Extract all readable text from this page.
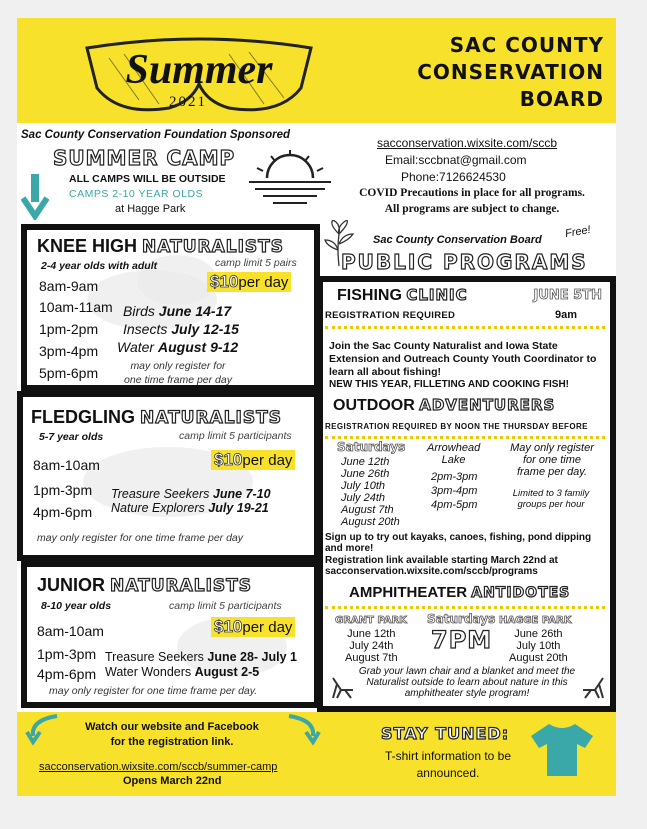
Summer
2021
SAC COUNTY
CONSERVATION
BOARD
Sac County Conservation Foundation Sponsored
SUMMER CAMP
ALL CAMPS WILL BE OUTSIDE
CAMPS 2-10 YEAR OLDS
at Hagge Park
sacconservation.wixsite.com/sccb
Email:sccbnat@gmail.com
Phone:7126624530
COVID Precautions in place for all programs.
All programs are subject to change.
KNEE HIGH NATURALISTS
2-4 year olds with adult	camp limit 5 pairs
$10per day
8am-9am
10am-11am
1pm-2pm
3pm-4pm
5pm-6pm
Birds June 14-17
Insects July 12-15
Water August 9-12
may only register for
one time frame per day
FLEDGLING NATURALISTS
5-7 year olds	camp limit 5 participants
$10per day
8am-10am
1pm-3pm
4pm-6pm
Treasure Seekers June 7-10
Nature Explorers July 19-21
may only register for one time frame per day
JUNIOR NATURALISTS
8-10 year olds	camp limit 5 participants
$10per day
8am-10am
1pm-3pm
4pm-6pm
Treasure Seekers June 28- July 1
Water Wonders August 2-5
may only register for one time frame per day.
Sac County Conservation Board Free!
PUBLIC PROGRAMS
FISHING CLINIC	JUNE 5TH
REGISTRATION REQUIRED	9am
Join the Sac County Naturalist and Iowa State Extension and Outreach County Youth Coordinator to learn all about fishing!
NEW THIS YEAR, FILLETING AND COOKING FISH!
OUTDOOR ADVENTURERS
REGISTRATION REQUIRED BY NOON THE THURSDAY BEFORE
Saturdays
June 12th
June 26th
July 10th
July 24th
August 7th
August 20th
Arrowhead
Lake
2pm-3pm
3pm-4pm
4pm-5pm
May only register
for one time
frame per day.
Limited to 3 family
groups per hour
Sign up to try out kayaks, canoes, fishing, pond dipping and more!
Registration link available starting March 22nd at sacconservation.wixsite.com/sccb/programs
AMPHITHEATER ANTIDOTES
GRANT PARK
June 12th
July 24th
August 7th
Saturdays
7PM
HAGGE PARK
June 26th
July 10th
August 20th
Grab your lawn chair and a blanket and meet the Naturalist outside to learn about nature in this amphitheater style program!
Watch our website and Facebook
for the registration link.
sacconservation.wixsite.com/sccb/summer-camp
Opens March 22nd
STAY TUNED:
T-shirt information to be
announced.
